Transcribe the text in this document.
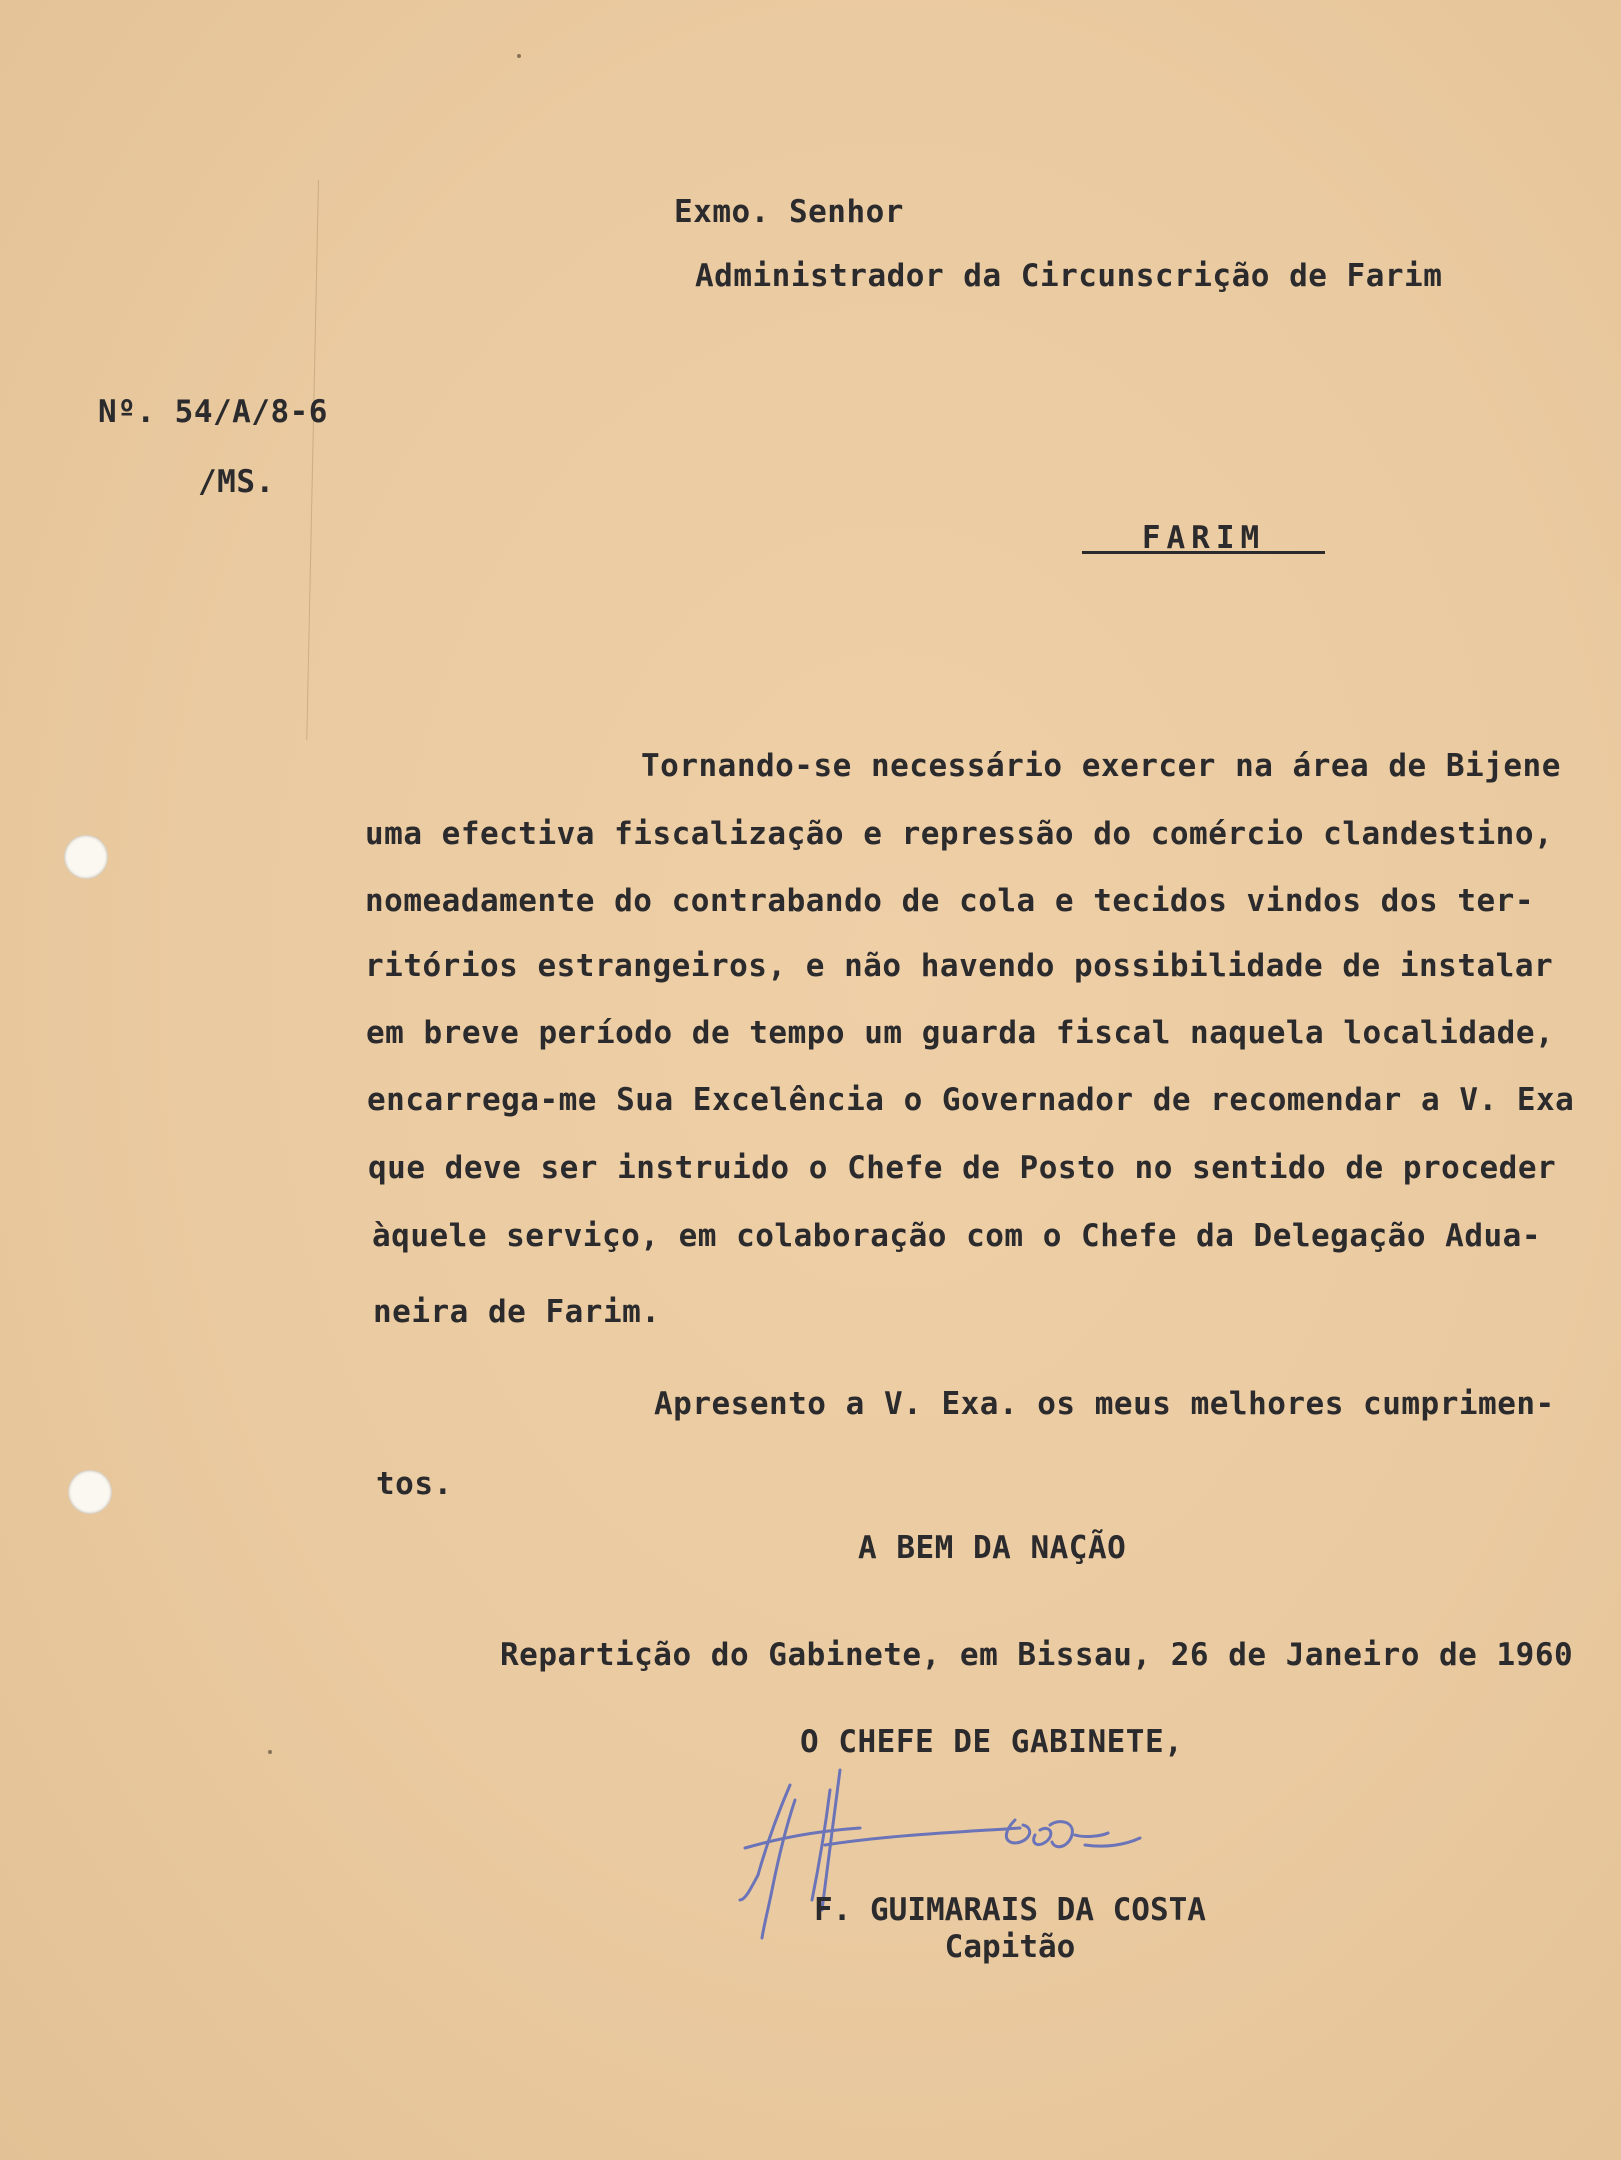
Exmo. Senhor
Administrador da Circunscrição de Farim
Nº. 54/A/8-6
/MS.
FARIM
Tornando-se necessário exercer na área de Bijene
uma efectiva fiscalização e repressão do comércio clandestino,
nomeadamente do contrabando de cola e tecidos vindos dos ter-
ritórios estrangeiros, e não havendo possibilidade de instalar
em breve período de tempo um guarda fiscal naquela localidade,
encarrega-me Sua Excelência o Governador de recomendar a V. Exa
que deve ser instruido o Chefe de Posto no sentido de proceder
àquele serviço, em colaboração com o Chefe da Delegação Adua-
neira de Farim.
Apresento a V. Exa. os meus melhores cumprimen-
tos.
A BEM DA NAÇÃO
Repartição do Gabinete, em Bissau, 26 de Janeiro de 1960
O CHEFE DE GABINETE,
F. GUIMARAIS DA COSTA
Capitão
